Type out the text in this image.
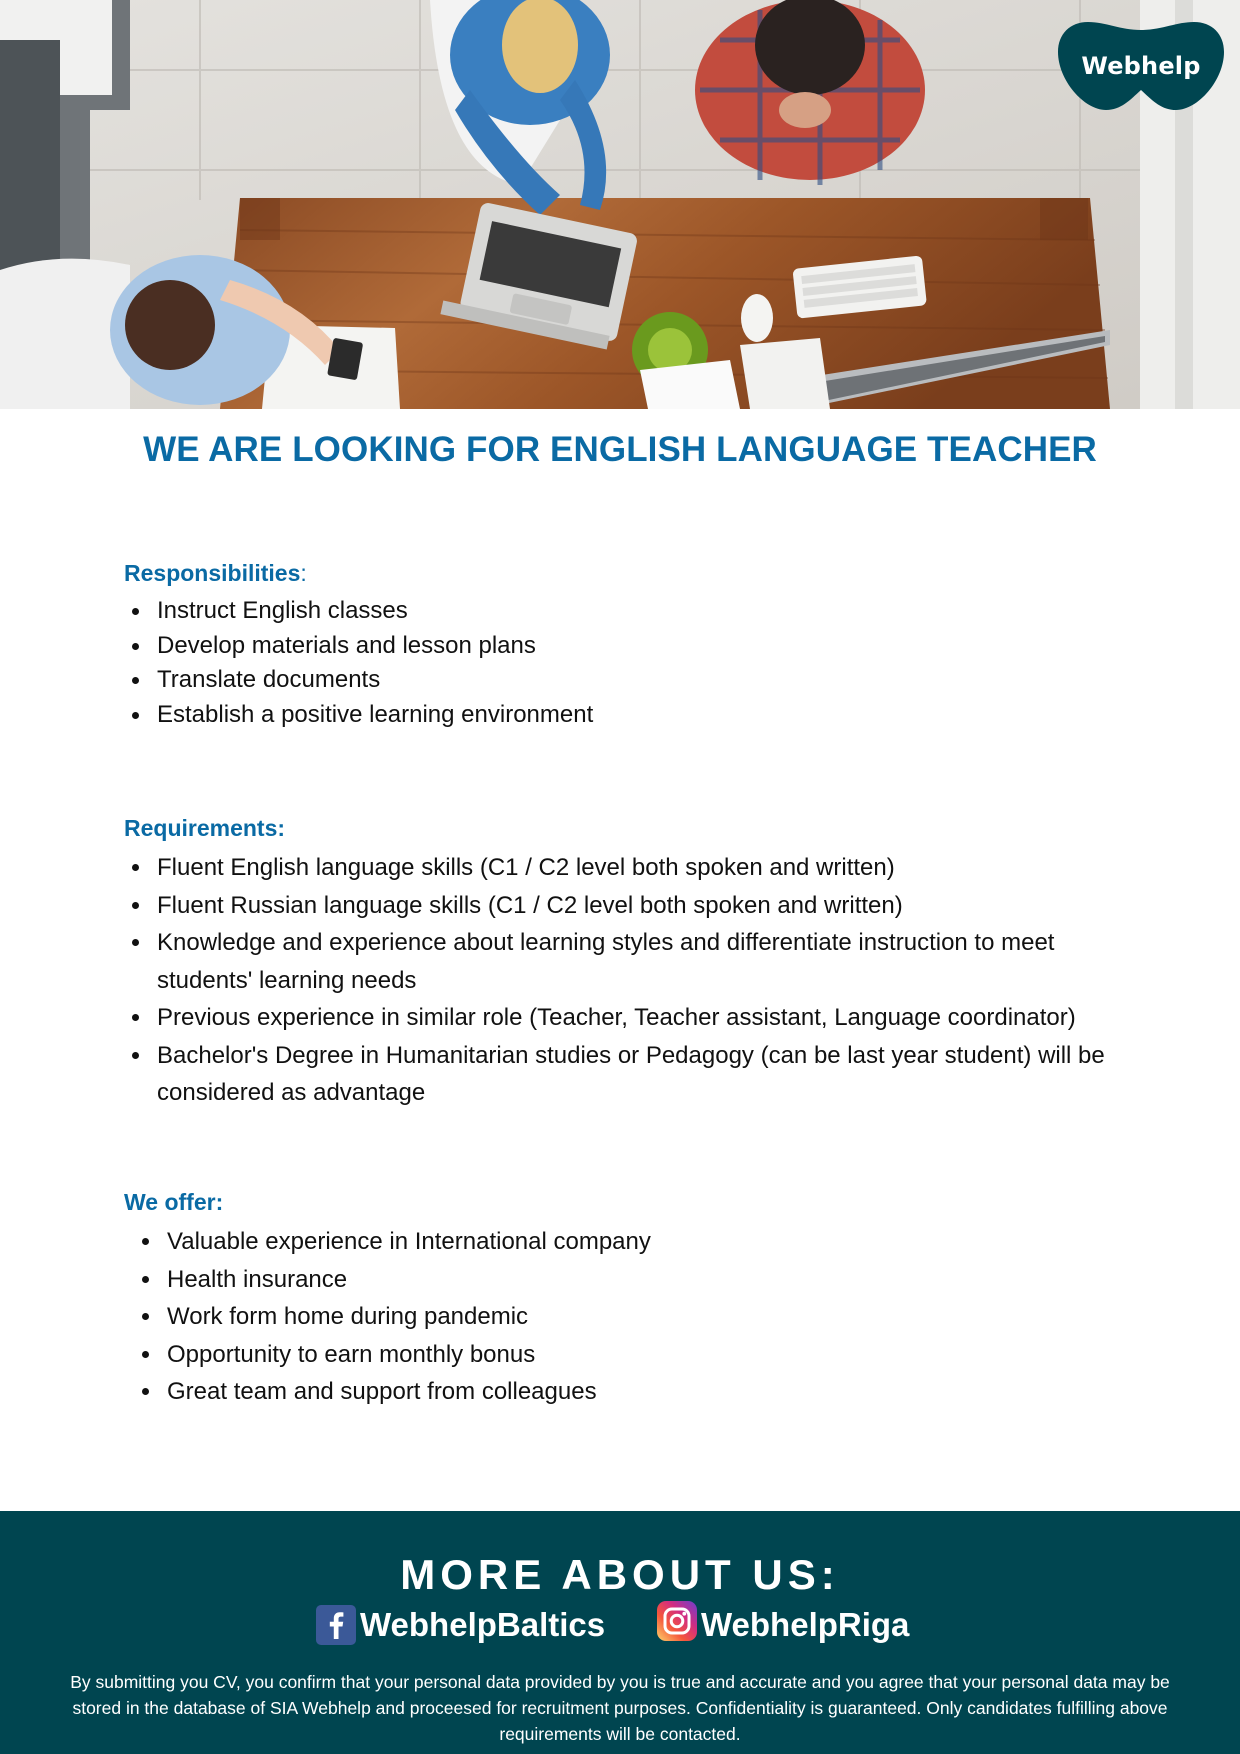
Webhelp
WE ARE LOOKING FOR ENGLISH LANGUAGE TEACHER
Responsibilities:
Instruct English classes
Develop materials and lesson plans
Translate documents
Establish a positive learning environment
Requirements:
Fluent English language skills (C1 / C2 level both spoken and written)
Fluent Russian language skills (C1 / C2 level both spoken and written)
Knowledge and experience about learning styles and differentiate instruction to meet students' learning needs
Previous experience in similar role (Teacher, Teacher assistant, Language coordinator)
Bachelor's Degree in Humanitarian studies or Pedagogy (can be last year student) will be considered as advantage
We offer:
Valuable experience in International company
Health insurance
Work form home during pandemic
Opportunity to earn monthly bonus
Great team and support from colleagues
MORE ABOUT US:
WebhelpBaltics	WebhelpRiga

By submitting you CV, you confirm that your personal data provided by you is true and accurate and you agree that your personal data may be stored in the database of SIA Webhelp and proceesed for recruitment purposes. Confidentiality is guaranteed. Only candidates fulfilling above requirements will be contacted.
